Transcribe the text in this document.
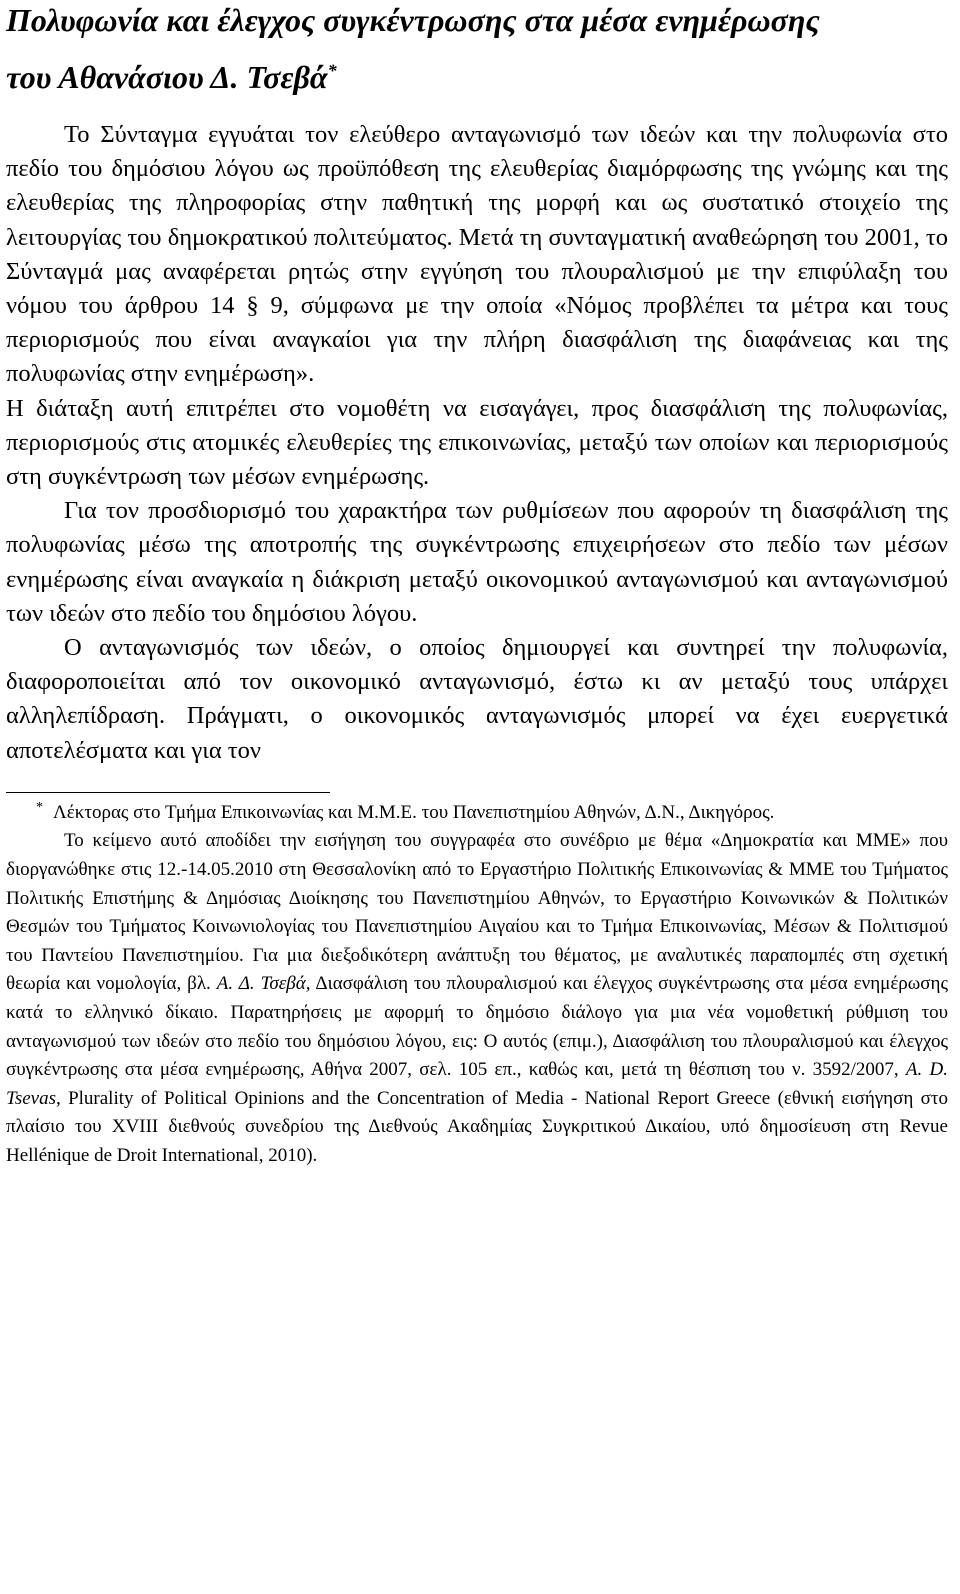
Πολυφωνία και έλεγχος συγκέντρωσης στα μέσα ενημέρωσης
του Αθανάσιου Δ. Τσεβά*

Το Σύνταγμα εγγυάται τον ελεύθερο ανταγωνισμό των ιδεών και την πολυφωνία στο πεδίο του δημόσιου λόγου ως προϋπόθεση της ελευθερίας διαμόρφωσης της γνώμης και της ελευθερίας της πληροφορίας στην παθητική της μορφή και ως συστατικό στοιχείο της λειτουργίας του δημοκρατικού πολιτεύματος. Μετά τη συνταγματική αναθεώρηση του 2001, το Σύνταγμά μας αναφέρεται ρητώς στην εγγύηση του πλουραλισμού με την επιφύλαξη του νόμου του άρθρου 14 § 9, σύμφωνα με την οποία «Νόμος προβλέπει τα μέτρα και τους περιορισμούς που είναι αναγκαίοι για την πλήρη διασφάλιση της διαφάνειας και της πολυφωνίας στην ενημέρωση».

Η διάταξη αυτή επιτρέπει στο νομοθέτη να εισαγάγει, προς διασφάλιση της πολυφωνίας, περιορισμούς στις ατομικές ελευθερίες της επικοινωνίας, μεταξύ των οποίων και περιορισμούς στη συγκέντρωση των μέσων ενημέρωσης.

Για τον προσδιορισμό του χαρακτήρα των ρυθμίσεων που αφορούν τη διασφάλιση της πολυφωνίας μέσω της αποτροπής της συγκέντρωσης επιχειρήσεων στο πεδίο των μέσων ενημέρωσης είναι αναγκαία η διάκριση μεταξύ οικονομικού ανταγωνισμού και ανταγωνισμού των ιδεών στο πεδίο του δημόσιου λόγου.

Ο ανταγωνισμός των ιδεών, ο οποίος δημιουργεί και συντηρεί την πολυφωνία, διαφοροποιείται από τον οικονομικό ανταγωνισμό, έστω κι αν μεταξύ τους υπάρχει αλληλεπίδραση. Πράγματι, ο οικονομικός ανταγωνισμός μπορεί να έχει ευεργετικά αποτελέσματα και για τον

* Λέκτορας στο Τμήμα Επικοινωνίας και Μ.Μ.Ε. του Πανεπιστημίου Αθηνών, Δ.Ν., Δικηγόρος.

Το κείμενο αυτό αποδίδει την εισήγηση του συγγραφέα στο συνέδριο με θέμα «Δημοκρατία και ΜΜΕ» που διοργανώθηκε στις 12.-14.05.2010 στη Θεσσαλονίκη από το Εργαστήριο Πολιτικής Επικοινωνίας & ΜΜΕ του Τμήματος Πολιτικής Επιστήμης & Δημόσιας Διοίκησης του Πανεπιστημίου Αθηνών, το Εργαστήριο Κοινωνικών & Πολιτικών Θεσμών του Τμήματος Κοινωνιολογίας του Πανεπιστημίου Αιγαίου και το Τμήμα Επικοινωνίας, Μέσων & Πολιτισμού του Παντείου Πανεπιστημίου. Για μια διεξοδικότερη ανάπτυξη του θέματος, με αναλυτικές παραπομπές στη σχετική θεωρία και νομολογία, βλ. Α. Δ. Τσεβά, Διασφάλιση του πλουραλισμού και έλεγχος συγκέντρωσης στα μέσα ενημέρωσης κατά το ελληνικό δίκαιο. Παρατηρήσεις με αφορμή το δημόσιο διάλογο για μια νέα νομοθετική ρύθμιση του ανταγωνισμού των ιδεών στο πεδίο του δημόσιου λόγου, εις: Ο αυτός (επιμ.), Διασφάλιση του πλουραλισμού και έλεγχος συγκέντρωσης στα μέσα ενημέρωσης, Αθήνα 2007, σελ. 105 επ., καθώς και, μετά τη θέσπιση του ν. 3592/2007, A. D. Tsevas, Plurality of Political Opinions and the Concentration of Media - National Report Greece (εθνική εισήγηση στο πλαίσιο του XVIII διεθνούς συνεδρίου της Διεθνούς Ακαδημίας Συγκριτικού Δικαίου, υπό δημοσίευση στη Revue Hellénique de Droit International, 2010).
